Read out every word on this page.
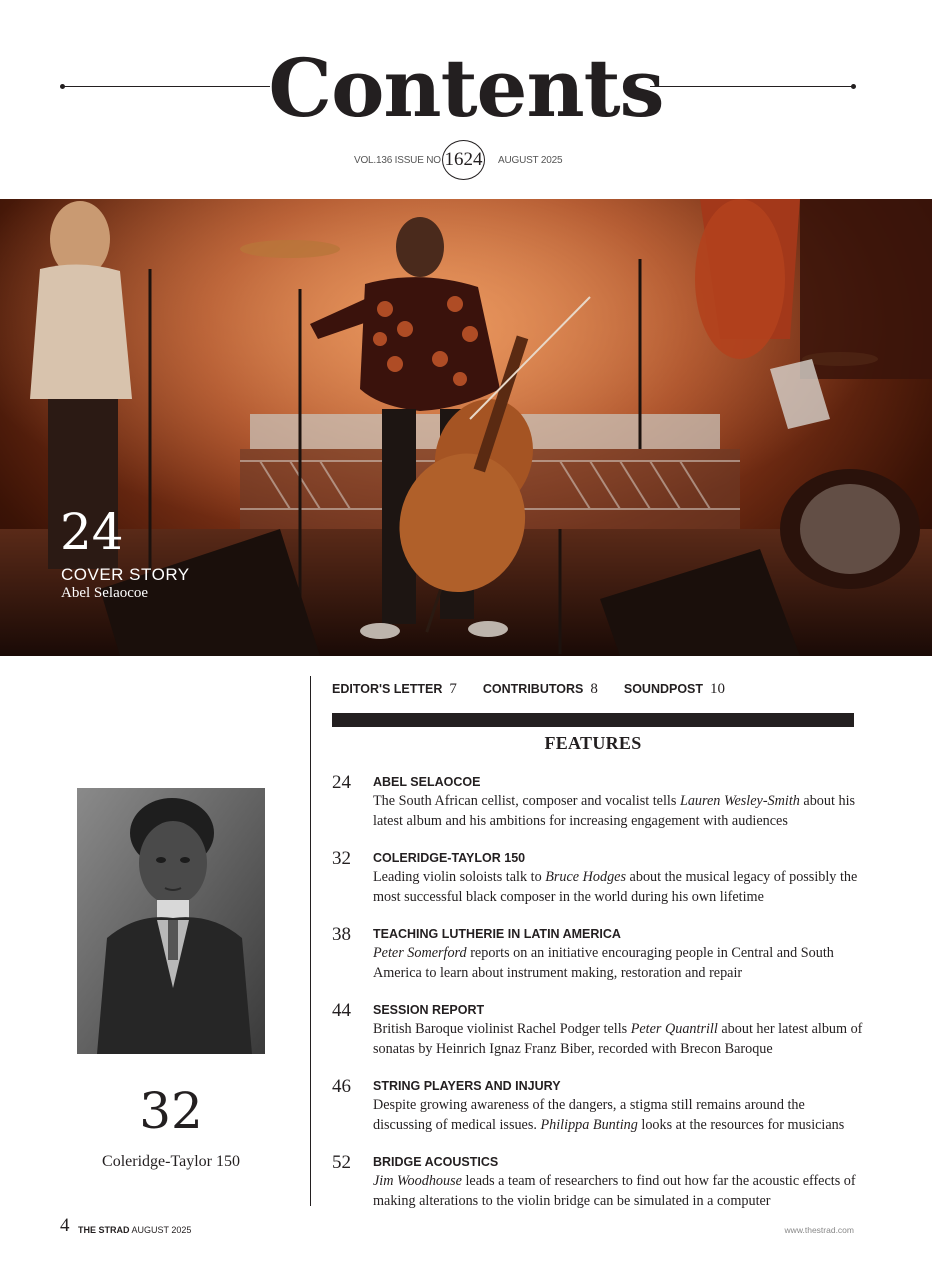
Contents
VOL.136 ISSUE NO 1624 AUGUST 2025
24
COVER STORY
Abel Selaocoe
32
Coleridge-Taylor 150
EDITOR'S LETTER 7 CONTRIBUTORS 8 SOUNDPOST 10
FEATURES
24 ABEL SELAOCOE
The South African cellist, composer and vocalist tells Lauren Wesley-Smith about his latest album and his ambitions for increasing engagement with audiences
32 COLERIDGE-TAYLOR 150
Leading violin soloists talk to Bruce Hodges about the musical legacy of possibly the most successful black composer in the world during his own lifetime
38 TEACHING LUTHERIE IN LATIN AMERICA
Peter Somerford reports on an initiative encouraging people in Central and South America to learn about instrument making, restoration and repair
44 SESSION REPORT
British Baroque violinist Rachel Podger tells Peter Quantrill about her latest album of sonatas by Heinrich Ignaz Franz Biber, recorded with Brecon Baroque
46 STRING PLAYERS AND INJURY
Despite growing awareness of the dangers, a stigma still remains around the discussing of medical issues. Philippa Bunting looks at the resources for musicians
52 BRIDGE ACOUSTICS
Jim Woodhouse leads a team of researchers to find out how far the acoustic effects of making alterations to the violin bridge can be simulated in a computer
4 THE STRAD AUGUST 2025	www.thestrad.com
